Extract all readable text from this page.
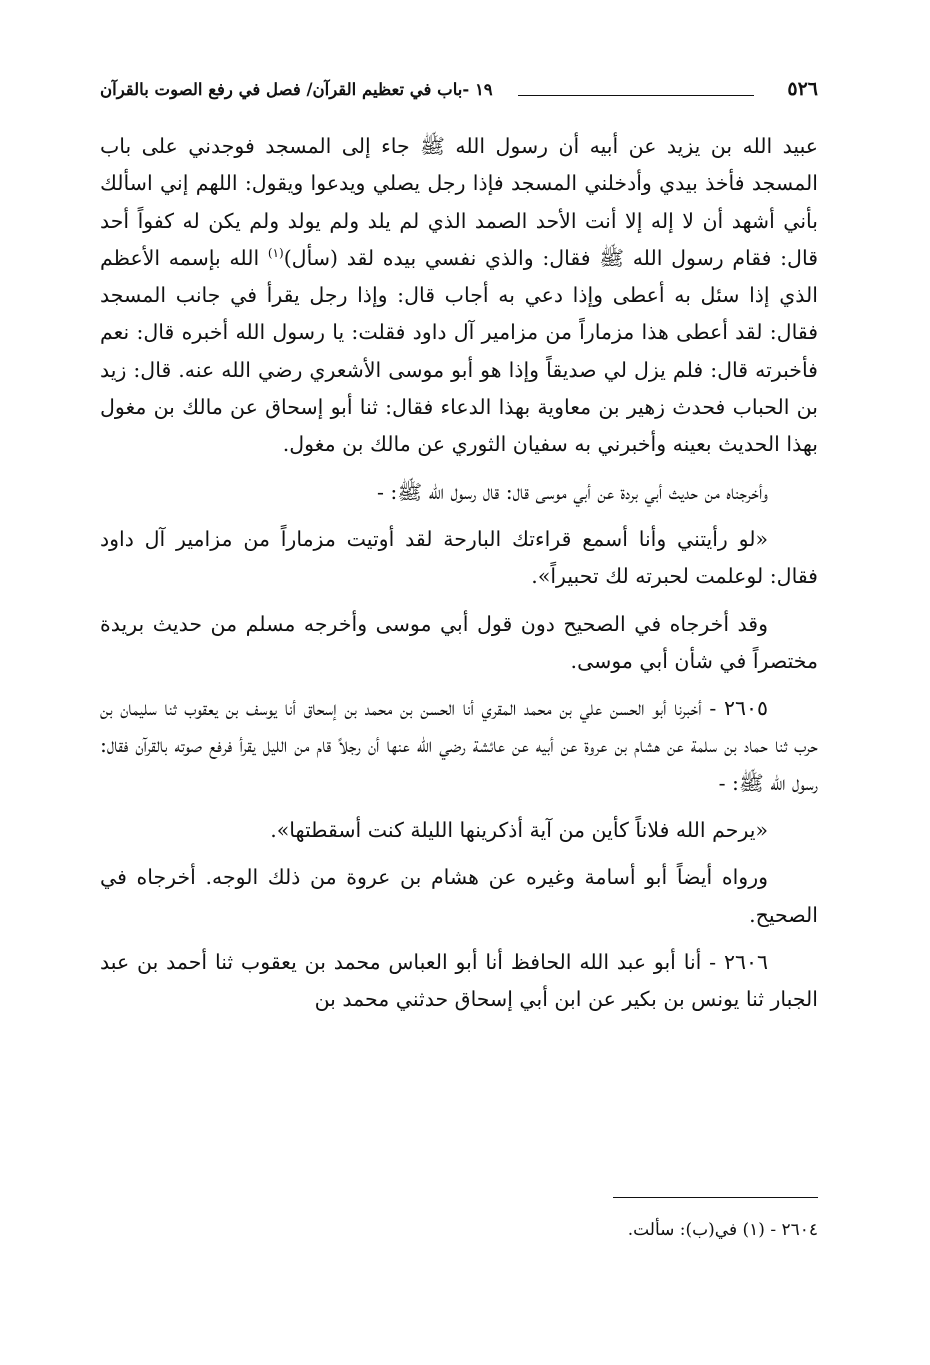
٥٢٦
١٩ -باب في تعظيم القرآن/ فصل في رفع الصوت بالقرآن

عبيد الله بن يزيد عن أبيه أن رسول الله ﷺ جاء إلى المسجد فوجدني على باب المسجد فأخذ بيدي وأدخلني المسجد فإذا رجل يصلي ويدعوا ويقول: اللهم إني اسألك بأني أشهد أن لا إله إلا أنت الأحد الصمد الذي لم يلد ولم يولد ولم يكن له كفواً أحد قال: فقام رسول الله ﷺ فقال: والذي نفسي بيده لقد (سأل)$^{(١)}$ الله بإسمه الأعظم الذي إذا سئل به أعطى وإذا دعي به أجاب قال: وإذا رجل يقرأ في جانب المسجد فقال: لقد أعطى هذا مزماراً من مزامير آل داود فقلت: يا رسول الله أخبره قال: نعم فأخبرته قال: فلم يزل لي صديقاً وإذا هو أبو موسى الأشعري رضي الله عنه. قال: زيد بن الحباب فحدث زهير بن معاوية بهذا الدعاء فقال: ثنا أبو إسحاق عن مالك بن مغول بهذا الحديث بعينه وأخبرني به سفيان الثوري عن مالك بن مغول.

وأخرجناه من حديث أبي بردة عن أبي موسى قال: قال رسول الله ﷺ: -

«لو رأيتني وأنا أسمع قراءتك البارحة لقد أوتيت مزماراً من مزامير آل داود فقال: لوعلمت لحبرته لك تحبيراً».

وقد أخرجاه في الصحيح دون قول أبي موسى وأخرجه مسلم من حديث بريدة مختصراً في شأن أبي موسى.

٢٦٠٥ - أخبرنا أبو الحسن علي بن محمد المقري أنا الحسن بن محمد بن إسحاق أنا يوسف بن يعقوب ثنا سليمان بن حرب ثنا حماد بن سلمة عن هشام بن عروة عن أبيه عن عائشة رضي الله عنها أن رجلاً قام من الليل يقرأ فرفع صوته بالقرآن فقال: رسول الله ﷺ: -

«يرحم الله فلاناً كأين من آية أذكرينها الليلة كنت أسقطتها».

ورواه أيضاً أبو أسامة وغيره عن هشام بن عروة من ذلك الوجه. أخرجاه في الصحيح.

٢٦٠٦ - أنا أبو عبد الله الحافظ أنا أبو العباس محمد بن يعقوب ثنا أحمد بن عبد الجبار ثنا يونس بن بكير عن ابن أبي إسحاق حدثني محمد بن

٢٦٠٤ - (١) في(ب): سألت.
